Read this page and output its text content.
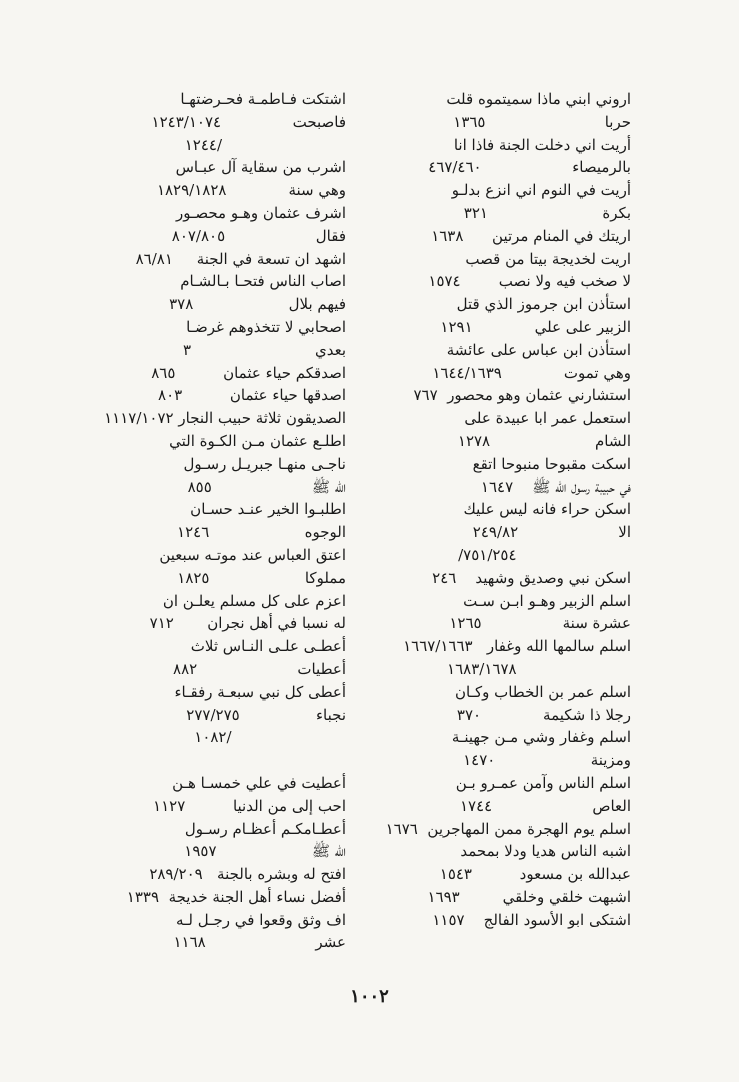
اروني ابني ماذا سميتموه قلت
حربا                         ١٣٦٥
أريت اني دخلت الجنة فاذا انا
بالرميصاء                   ٤٦٧/٤٦٠
أريت في النوم اني انزع بدلـو
بكرة                        ٣٢١
اريتك في المنام مرتين      ١٦٣٨
اريت لخديجة بيتا من قصب
لا صخب فيه ولا نصب        ١٥٧٤
استأذن ابن جرموز الذي قتل
الزبير على علي             ١٢٩١
استأذن ابن عباس على عائشة
وهي تموت             ١٦٤٤/١٦٣٩
استشارني عثمان وهو محصور  ٧٦٧
استعمل عمر ابا عبيدة على
الشام                      ١٢٧٨
اسكت مقبوحا منبوحا اتقع
في حبيبة رسول الله ﷺ    ١٦٤٧
اسكن حراء فانه ليس عليك
الا                     ٢٤٩/٨٢
٧٥١/٢٥٤/
اسكن نبي وصديق وشهيد    ٢٤٦
اسلم الزبير وهـو ابـن سـت
عشرة سنة                 ١٢٦٥
اسلم سالمها الله وغفار   ١٦٦٧/١٦٦٣
١٦٨٣/١٦٧٨
اسلم عمر بن الخطاب وكـان
رجلا ذا شكيمة             ٣٧٠
اسلم وغفار وشي مـن جهينـة
ومزينة                    ١٤٧٠
اسلم الناس وآمن عمـرو بـن
العاص                     ١٧٤٤
اسلم يوم الهجرة ممن المهاجرين  ١٦٧٦
اشبه الناس هديا ودلا بمحمد
عبدالله بن مسعود          ١٥٤٣
اشبهت خلقي وخلقي         ١٦٩٣
اشتكى ابو الأسود الفالج    ١١٥٧
اشتكت فـاطمـة فحـرضتهـا
فاصبحت               ١٢٤٣/١٠٧٤
/١٢٤٤
اشرب من سقاية آل عبـاس
وهي سنة             ١٨٢٩/١٨٢٨
اشرف عثمان وهـو محصـور
فقال                   ٨٠٧/٨٠٥
اشهد ان تسعة في الجنة     ٨٦/٨١
اصاب الناس فتحـا بـالشـام
فيهم بلال                    ٣٧٨
اصحابي لا تتخذوهم غرضـا
بعدي                          ٣
اصدقكم حياء عثمان          ٨٦٥
اصدقها حياء عثمان          ٨٠٣
الصديقون ثلاثة حبيب النجار ١١١٧/١٠٧٢
اطلـع عثمان مـن الكـوة التي
ناجـى منهـا جبريـل رسـول
الله ﷺ                     ٨٥٥
اطلبـوا الخير عنـد حسـان
الوجوه                    ١٢٤٦
اعتق العباس عند موتـه سبعين
مملوكا                    ١٨٢٥
اعزم على كل مسلم يعلـن ان
له نسبا في أهل نجران       ٧١٢
أعطـى علـى النـاس ثلاث
أعطيات                     ٨٨٢
أعطى كل نبي سبعـة رفقـاء
نجباء                ٢٧٧/٢٧٥
/١٠٨٢
أعطيت في علي خمسـا هـن
احب إلى من الدنيا          ١١٢٧
أعطـامكـم أعظـام رسـول
الله ﷺ                    ١٩٥٧
افتح له وبشره بالجنة   ٢٨٩/٢٠٩
أفضل نساء أهل الجنة خديجة  ١٣٣٩
اف وثق وقعوا في رجـل لـه
عشر                       ١١٦٨
١٠٠٢
